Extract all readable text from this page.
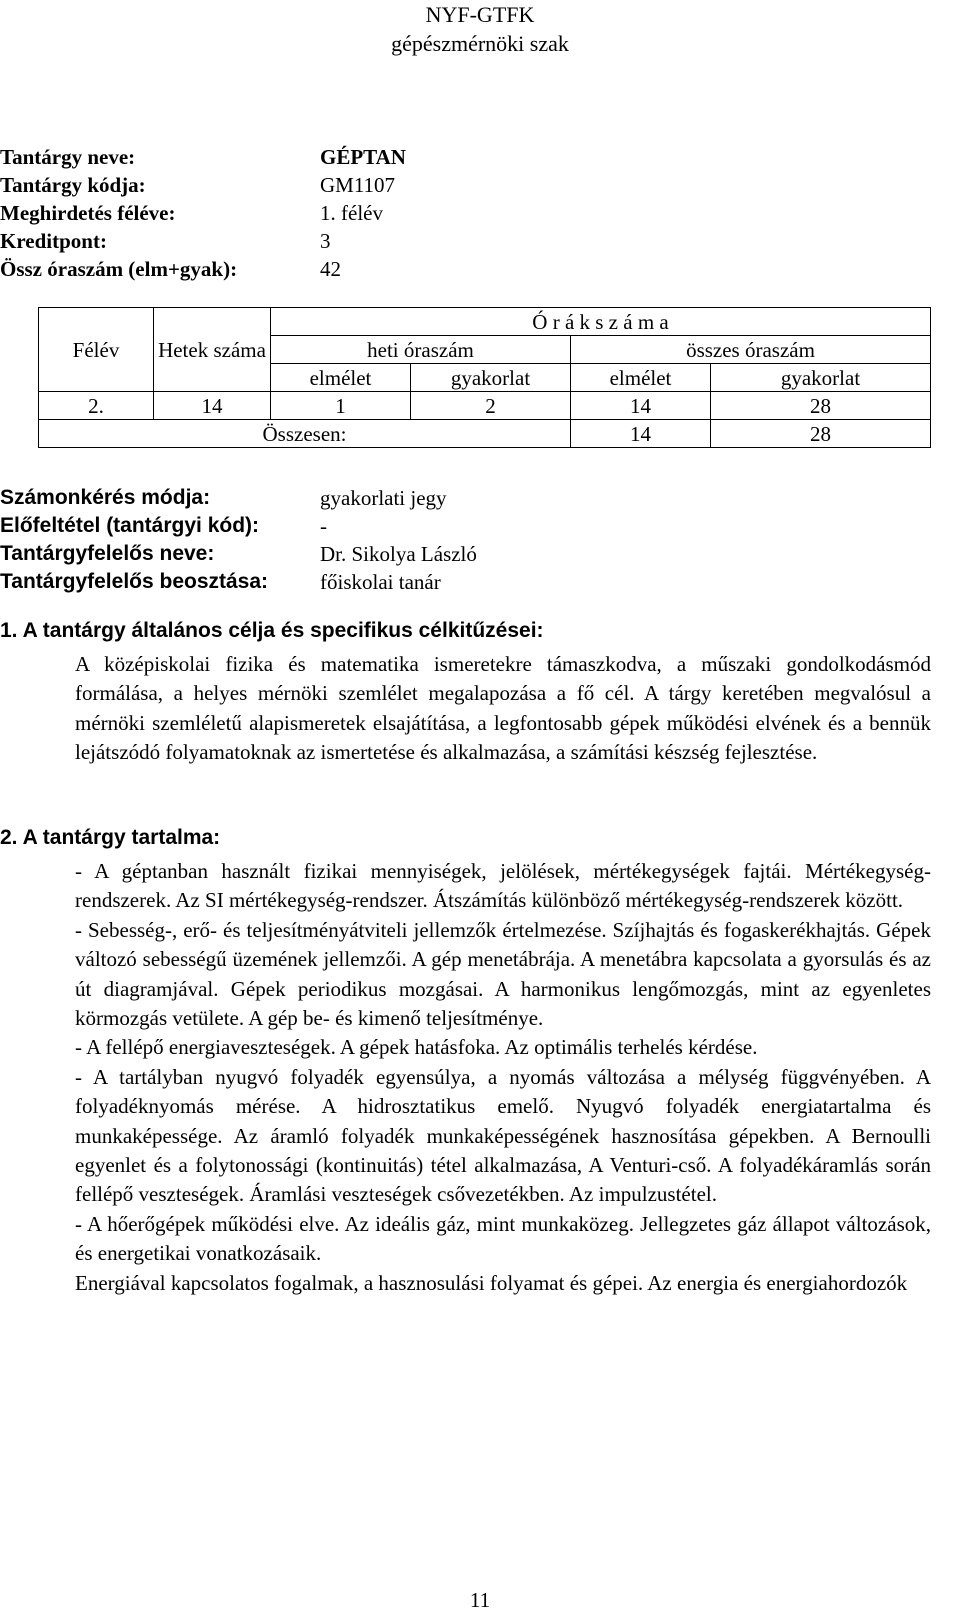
NYF-GTFK
gépészmérnöki szak
Tantárgy neve:	GÉPTAN
Tantárgy kódja:	GM1107
Meghirdetés féléve:	1. félév
Kreditpont:	3
Össz óraszám (elm+gyak):	42
Félév	Hetek száma	Ó r á k s z á m a			
		heti óraszám		összes óraszám	
		elmélet	gyakorlat	elmélet	gyakorlat
2.	14	1	2	14	28
Összesen:				14	28
Számonkérés módja:	gyakorlati jegy
Előfeltétel (tantárgyi kód):	-
Tantárgyfelelős neve:	Dr. Sikolya László
Tantárgyfelelős beosztása: főiskolai tanár
1. A tantárgy általános célja és specifikus célkitűzései:

A középiskolai fizika és matematika ismeretekre támaszkodva, a műszaki gondolkodásmód formálása, a helyes mérnöki szemlélet megalapozása a fő cél. A tárgy keretében megvalósul a mérnöki szemléletű alapismeretek elsajátítása, a legfontosabb gépek működési elvének és a bennük lejátszódó folyamatoknak az ismertetése és alkalmazása, a számítási készség fejlesztése.

2. A tantárgy tartalma:

- A géptanban használt fizikai mennyiségek, jelölések, mértékegységek fajtái. Mértékegység-rendszerek. Az SI mértékegység-rendszer. Átszámítás különböző mértékegység-rendszerek között.

- Sebesség-, erő- és teljesítményátviteli jellemzők értelmezése. Szíjhajtás és fogaskerékhajtás. Gépek változó sebességű üzemének jellemzői. A gép menetábrája. A menetábra kapcsolata a gyorsulás és az út diagramjával. Gépek periodikus mozgásai. A harmonikus lengőmozgás, mint az egyenletes körmozgás vetülete. A gép be- és kimenő teljesítménye.

- A fellépő energiaveszteségek. A gépek hatásfoka. Az optimális terhelés kérdése.

- A tartályban nyugvó folyadék egyensúlya, a nyomás változása a mélység függvényében. A folyadéknyomás mérése. A hidrosztatikus emelő. Nyugvó folyadék energiatartalma és munkaképessége. Az áramló folyadék munkaképességének hasznosítása gépekben. A Bernoulli egyenlet és a folytonossági (kontinuitás) tétel alkalmazása, A Venturi-cső. A folyadékáramlás során fellépő veszteségek. Áramlási veszteségek csővezetékben. Az impulzustétel.

- A hőerőgépek működési elve. Az ideális gáz, mint munkaközeg. Jellegzetes gáz állapot változások, és energetikai vonatkozásaik.

Energiával kapcsolatos fogalmak, a hasznosulási folyamat és gépei. Az energia és energiahordozók

11
